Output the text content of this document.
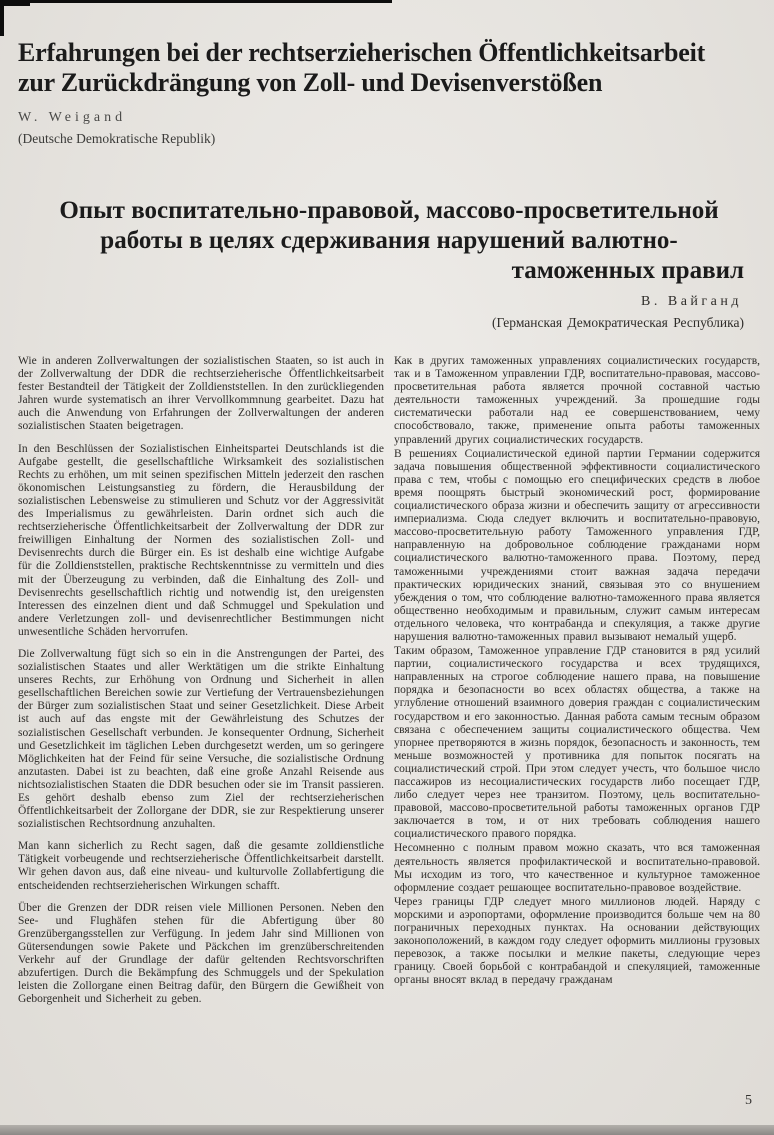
Erfahrungen bei der rechtserzieherischen Öffentlichkeitsarbeit
zur Zurückdrängung von Zoll- und Devisenverstößen
W. Weigand
(Deutsche Demokratische Republik)
Опыт воспитательно-правовой, массово-просветительной
работы в целях сдерживания нарушений валютно-
таможенных правил
В. Вайганд
(Германская Демократическая Республика)

Wie in anderen Zollverwaltungen der sozialistischen Staaten, so ist auch in der Zollverwaltung der DDR die rechtserzieherische Öffentlichkeitsarbeit fester Bestandteil der Tätigkeit der Zolldienststellen. In den zurückliegenden Jahren wurde systematisch an ihrer Vervollkommnung gearbeitet. Dazu hat auch die Anwendung von Erfahrungen der Zollverwaltungen der anderen sozialistischen Staaten beigetragen.

In den Beschlüssen der Sozialistischen Einheitspartei Deutschlands ist die Aufgabe gestellt, die gesellschaftliche Wirksamkeit des sozialistischen Rechts zu erhöhen, um mit seinen spezifischen Mitteln jederzeit den raschen ökonomischen Leistungsanstieg zu fördern, die Herausbildung der sozialistischen Lebensweise zu stimulieren und Schutz vor der Aggressivität des Imperialismus zu gewährleisten. Darin ordnet sich auch die rechtserzieherische Öffentlichkeitsarbeit der Zollverwaltung der DDR zur freiwilligen Einhaltung der Normen des sozialistischen Zoll- und Devisenrechts durch die Bürger ein. Es ist deshalb eine wichtige Aufgabe für die Zolldienststellen, praktische Rechtskenntnisse zu vermitteln und dies mit der Überzeugung zu verbinden, daß die Einhaltung des Zoll- und Devisenrechts gesellschaftlich richtig und notwendig ist, den ureigensten Interessen des einzelnen dient und daß Schmuggel und Spekulation und andere Verletzungen zoll- und devisenrechtlicher Bestimmungen nicht unwesentliche Schäden hervorrufen.

Die Zollverwaltung fügt sich so ein in die Anstrengungen der Partei, des sozialistischen Staates und aller Werktätigen um die strikte Einhaltung unseres Rechts, zur Erhöhung von Ordnung und Sicherheit in allen gesellschaftlichen Bereichen sowie zur Vertiefung der Vertrauensbeziehungen der Bürger zum sozialistischen Staat und seiner Gesetzlichkeit. Diese Arbeit ist auch auf das engste mit der Gewährleistung des Schutzes der sozialistischen Gesellschaft verbunden. Je konsequenter Ordnung, Sicherheit und Gesetzlichkeit im täglichen Leben durchgesetzt werden, um so geringere Möglichkeiten hat der Feind für seine Versuche, die sozialistische Ordnung anzutasten. Dabei ist zu beachten, daß eine große Anzahl Reisende aus nichtsozialistischen Staaten die DDR besuchen oder sie im Transit passieren. Es gehört deshalb ebenso zum Ziel der rechtserzieherischen Öffentlichkeitsarbeit der Zollorgane der DDR, sie zur Respektierung unserer sozialistischen Rechtsordnung anzuhalten.

Man kann sicherlich zu Recht sagen, daß die gesamte zolldienstliche Tätigkeit vorbeugende und rechtserzieherische Öffentlichkeitsarbeit darstellt. Wir gehen davon aus, daß eine niveau- und kulturvolle Zollabfertigung die entscheidenden rechtserzieherischen Wirkungen schafft.

Über die Grenzen der DDR reisen viele Millionen Personen. Neben den See- und Flughäfen stehen für die Abfertigung über 80 Grenzübergangsstellen zur Verfügung. In jedem Jahr sind Millionen von Gütersendungen sowie Pakete und Päckchen im grenzüberschreitenden Verkehr auf der Grundlage der dafür geltenden Rechtsvorschriften abzufertigen. Durch die Bekämpfung des Schmuggels und der Spekulation leisten die Zollorgane einen Beitrag dafür, den Bürgern die Gewißheit von Geborgenheit und Sicherheit zu geben.

Как в других таможенных управлениях социалистических государств, так и в Таможенном управлении ГДР, воспитательно-правовая, массово-просветительная работа является прочной составной частью деятельности таможенных учреждений. За прошедшие годы систематически работали над ее совершенствованием, чему способствовало, также, применение опыта работы таможенных управлений других социалистических государств.

В решениях Социалистической единой партии Германии содержится задача повышения общественной эффективности социалистического права с тем, чтобы с помощью его специфических средств в любое время поощрять быстрый экономический рост, формирование социалистического образа жизни и обеспечить защиту от агрессивности империализма. Сюда следует включить и воспитательно-правовую, массово-просветительную работу Таможенного управления ГДР, направленную на добровольное соблюдение гражданами норм социалистического валютно-таможенного права. Поэтому, перед таможенными учреждениями стоит важная задача передачи практических юридических знаний, связывая это со внушением убеждения о том, что соблюдение валютно-таможенного права является общественно необходимым и правильным, служит самым интересам отдельного человека, что контрабанда и спекуляция, а также другие нарушения валютно-таможенных правил вызывают немалый ущерб.

Таким образом, Таможенное управление ГДР становится в ряд усилий партии, социалистического государства и всех трудящихся, направленных на строгое соблюдение нашего права, на повышение порядка и безопасности во всех областях общества, а также на углубление отношений взаимного доверия граждан с социалистическим государством и его законностью. Данная работа самым тесным образом связана с обеспечением защиты социалистического общества. Чем упорнее претворяются в жизнь порядок, безопасность и законность, тем меньше возможностей у противника для попыток посягать на социалистический строй. При этом следует учесть, что большое число пассажиров из несоциалистических государств либо посещает ГДР, либо следует через нее транзитом. Поэтому, цель воспитательно-правовой, массово-просветительной работы таможенных органов ГДР заключается в том, и от них требовать соблюдения нашего социалистического правого порядка.

Несомненно с полным правом можно сказать, что вся таможенная деятельность является профилактической и воспитательно-правовой. Мы исходим из того, что качественное и культурное таможенное оформление создает решающее воспитательно-правовое воздействие.

Через границы ГДР следует много миллионов людей. Наряду с морскими и аэропортами, оформление производится больше чем на 80 пограничных переходных пунктах. На основании действующих законоположений, в каждом году следует оформить миллионы грузовых перевозок, а также посылки и мелкие пакеты, следующие через границу. Своей борьбой с контрабандой и спекуляцией, таможенные органы вносят вклад в передачу гражданам

5
